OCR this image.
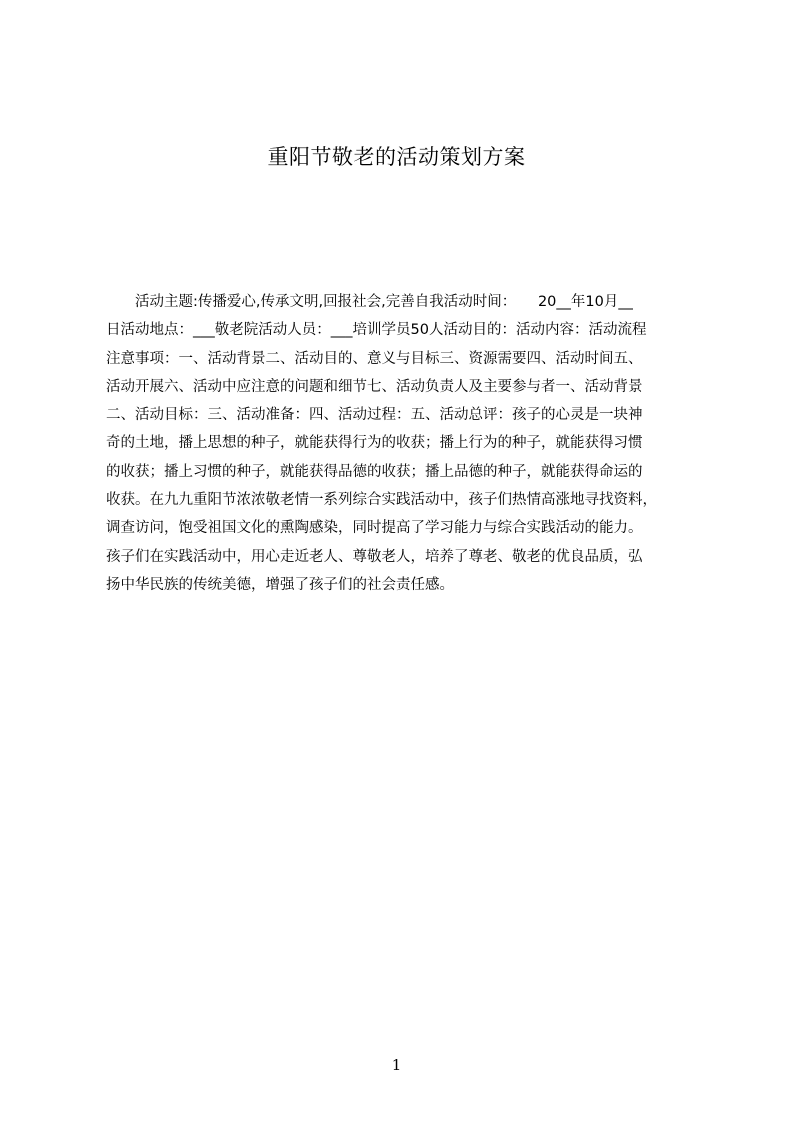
重阳节敬老的活动策划方案
　　活动主题:传播爱心,传承文明,回报社会,完善自我活动时间：　　20__年10月__
日活动地点：___敬老院活动人员：___培训学员50人活动目的：活动内容：活动流程
注意事项：一、活动背景二、活动目的、意义与目标三、资源需要四、活动时间五、
活动开展六、活动中应注意的问题和细节七、活动负责人及主要参与者一、活动背景
二、活动目标：三、活动准备：四、活动过程：五、活动总评：孩子的心灵是一块神
奇的土地，播上思想的种子，就能获得行为的收获；播上行为的种子，就能获得习惯
的收获；播上习惯的种子，就能获得品德的收获；播上品德的种子，就能获得命运的
收获。在九九重阳节浓浓敬老情一系列综合实践活动中，孩子们热情高涨地寻找资料，
调查访问，饱受祖国文化的熏陶感染，同时提高了学习能力与综合实践活动的能力。
孩子们在实践活动中，用心走近老人、尊敬老人，培养了尊老、敬老的优良品质，弘
扬中华民族的传统美德，增强了孩子们的社会责任感。
1
